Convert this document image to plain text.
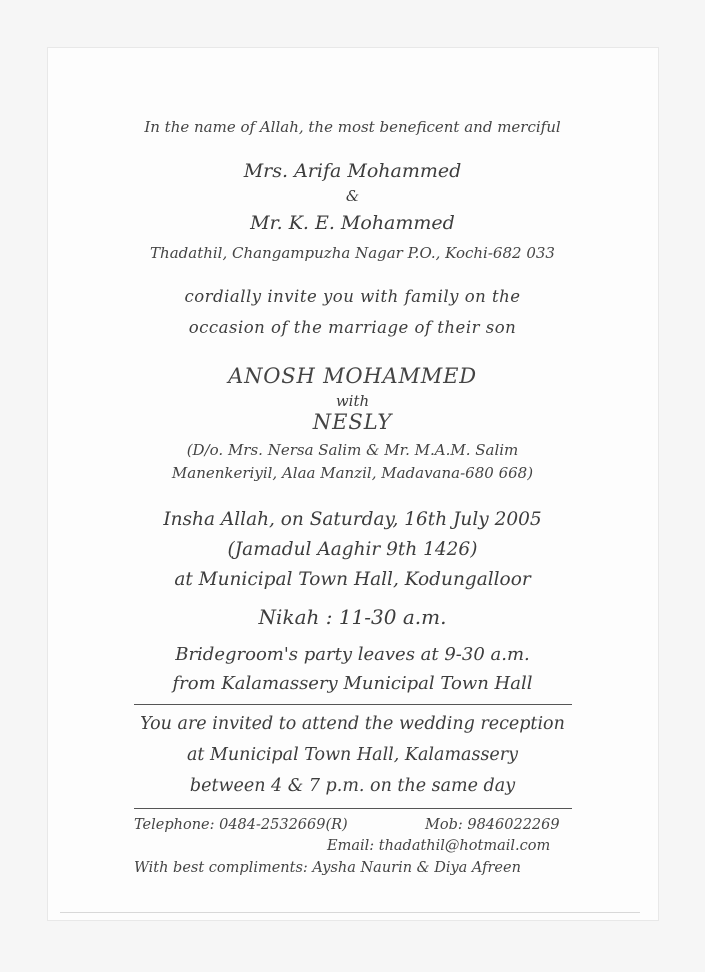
In the name of Allah, the most beneficent and merciful
Mrs. Arifa Mohammed
&
Mr. K. E. Mohammed
Thadathil, Changampuzha Nagar P.O., Kochi-682 033
cordially invite you with family on the
occasion of the marriage of their son
ANOSH MOHAMMED
with
NESLY
(D/o. Mrs. Nersa Salim & Mr. M.A.M. Salim
Manenkeriyil, Alaa Manzil, Madavana-680 668)
Insha Allah, on Saturday, 16th July 2005
(Jamadul Aaghir 9th 1426)
at Municipal Town Hall, Kodungalloor
Nikah : 11-30 a.m.
Bridegroom's party leaves at 9-30 a.m.
from Kalamassery Municipal Town Hall
You are invited to attend the wedding reception
at Municipal Town Hall, Kalamassery
between 4 & 7 p.m. on the same day
Telephone: 0484-2532669(R)	Mob: 9846022269
Email: thadathil@hotmail.com
With best compliments: Aysha Naurin & Diya Afreen
